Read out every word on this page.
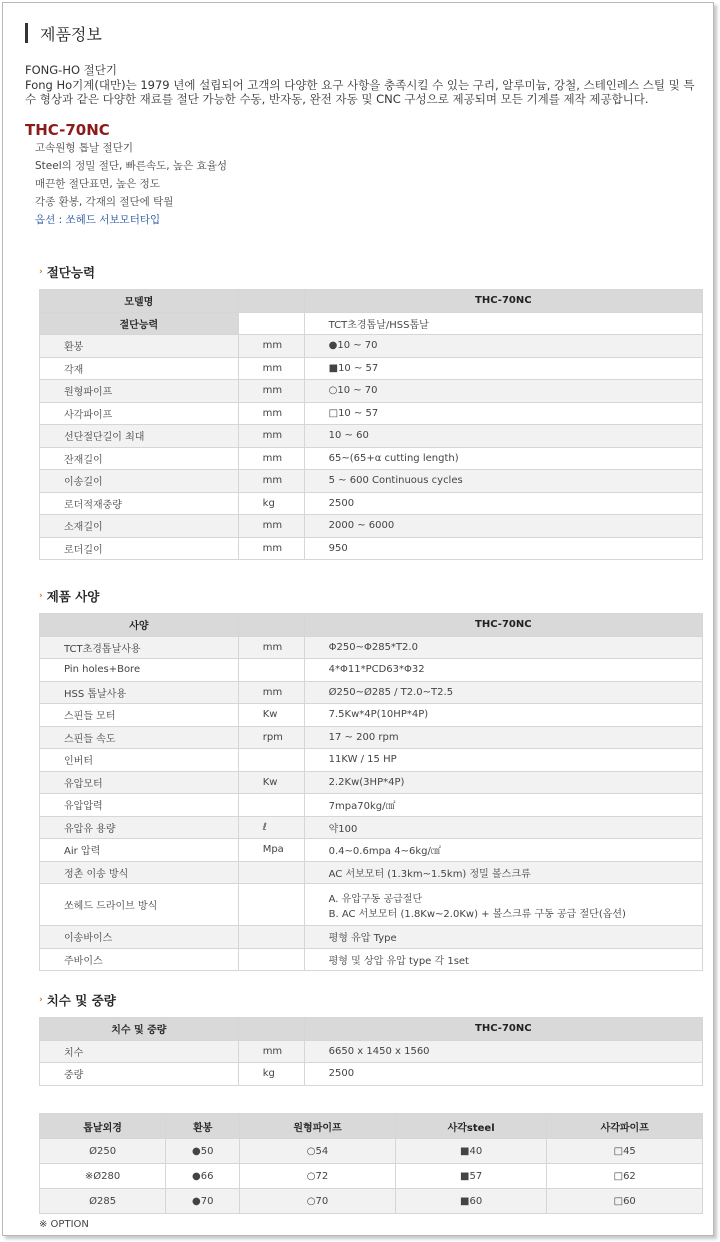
제품정보
FONG-HO 절단기
Fong Ho기계(대만)는 1979 년에 설립되어 고객의 다양한 요구 사항을 충족시킬 수 있는 구리, 알루미늄, 강철, 스테인레스 스틸 및 특
수 형상과 같은 다양한 재료를 절단 가능한 수동, 반자동, 완전 자동 및 CNC 구성으로 제공되며 모든 기계를 제작 제공합니다.
THC-70NC
고속원형 톱날 절단기
Steel의 정밀 절단, 빠른속도, 높은 효율성
매끈한 절단표면, 높은 정도
각종 환봉, 각재의 절단에 탁월
옵션 : 쏘헤드 서보모터타입
› 절단능력
모델명		THC-70NC
절단능력		TCT초경톱날/HSS톱날
환봉	mm	●10 ~ 70

각재	mm	■10 ~ 57

원형파이프	mm	○10 ~ 70

사각파이프	mm	□10 ~ 57

선단절단길이 최대	mm	10 ~ 60

잔재길이	mm	65~(65+α cutting length)

이송길이	mm	5 ~ 600 Continuous cycles

로더적재중량	kg	2500

소재길이	mm	2000 ~ 6000

로더길이	mm	950
› 제품 사양
사양		THC-70NC
TCT초경톱날사용	mm	Φ250~Φ285*T2.0

Pin holes+Bore		4*Φ11*PCD63*Φ32

HSS 톱날사용	mm	Ø250~Ø285 / T2.0~T2.5

스핀들 모터	Kw	7.5Kw*4P(10HP*4P)

스핀들 속도	rpm	17 ~ 200 rpm

인버터		11KW / 15 HP

유압모터	Kw	2.2Kw(3HP*4P)

유압압력		7mpa70kg/㎠

유압유 용량	ℓ	약100

Air 압력	Mpa	0.4~0.6mpa 4~6kg/㎠

정촌 이송 방식		AC 서보모터 (1.3km~1.5km) 정밀 볼스크류

쏘헤드 드라이브 방식		A. 유압구동 공급절단
B. AC 서보모터 (1.8Kw~2.0Kw) + 볼스크류 구동 공급 절단(옵션)

이송바이스		평형 유압 Type

주바이스		평형 및 상압 유압 type 각 1set
› 치수 및 중량
치수 및 중량		THC-70NC
치수	mm	6650 x 1450 x 1560

중량	kg	2500
톱날외경	환봉	원형파이프	사각steel	사각파이프
Ø250	●50	○54	■40	□45
※Ø280	●66	○72	■57	□62
Ø285	●70	○70	■60	□60
※ OPTION
